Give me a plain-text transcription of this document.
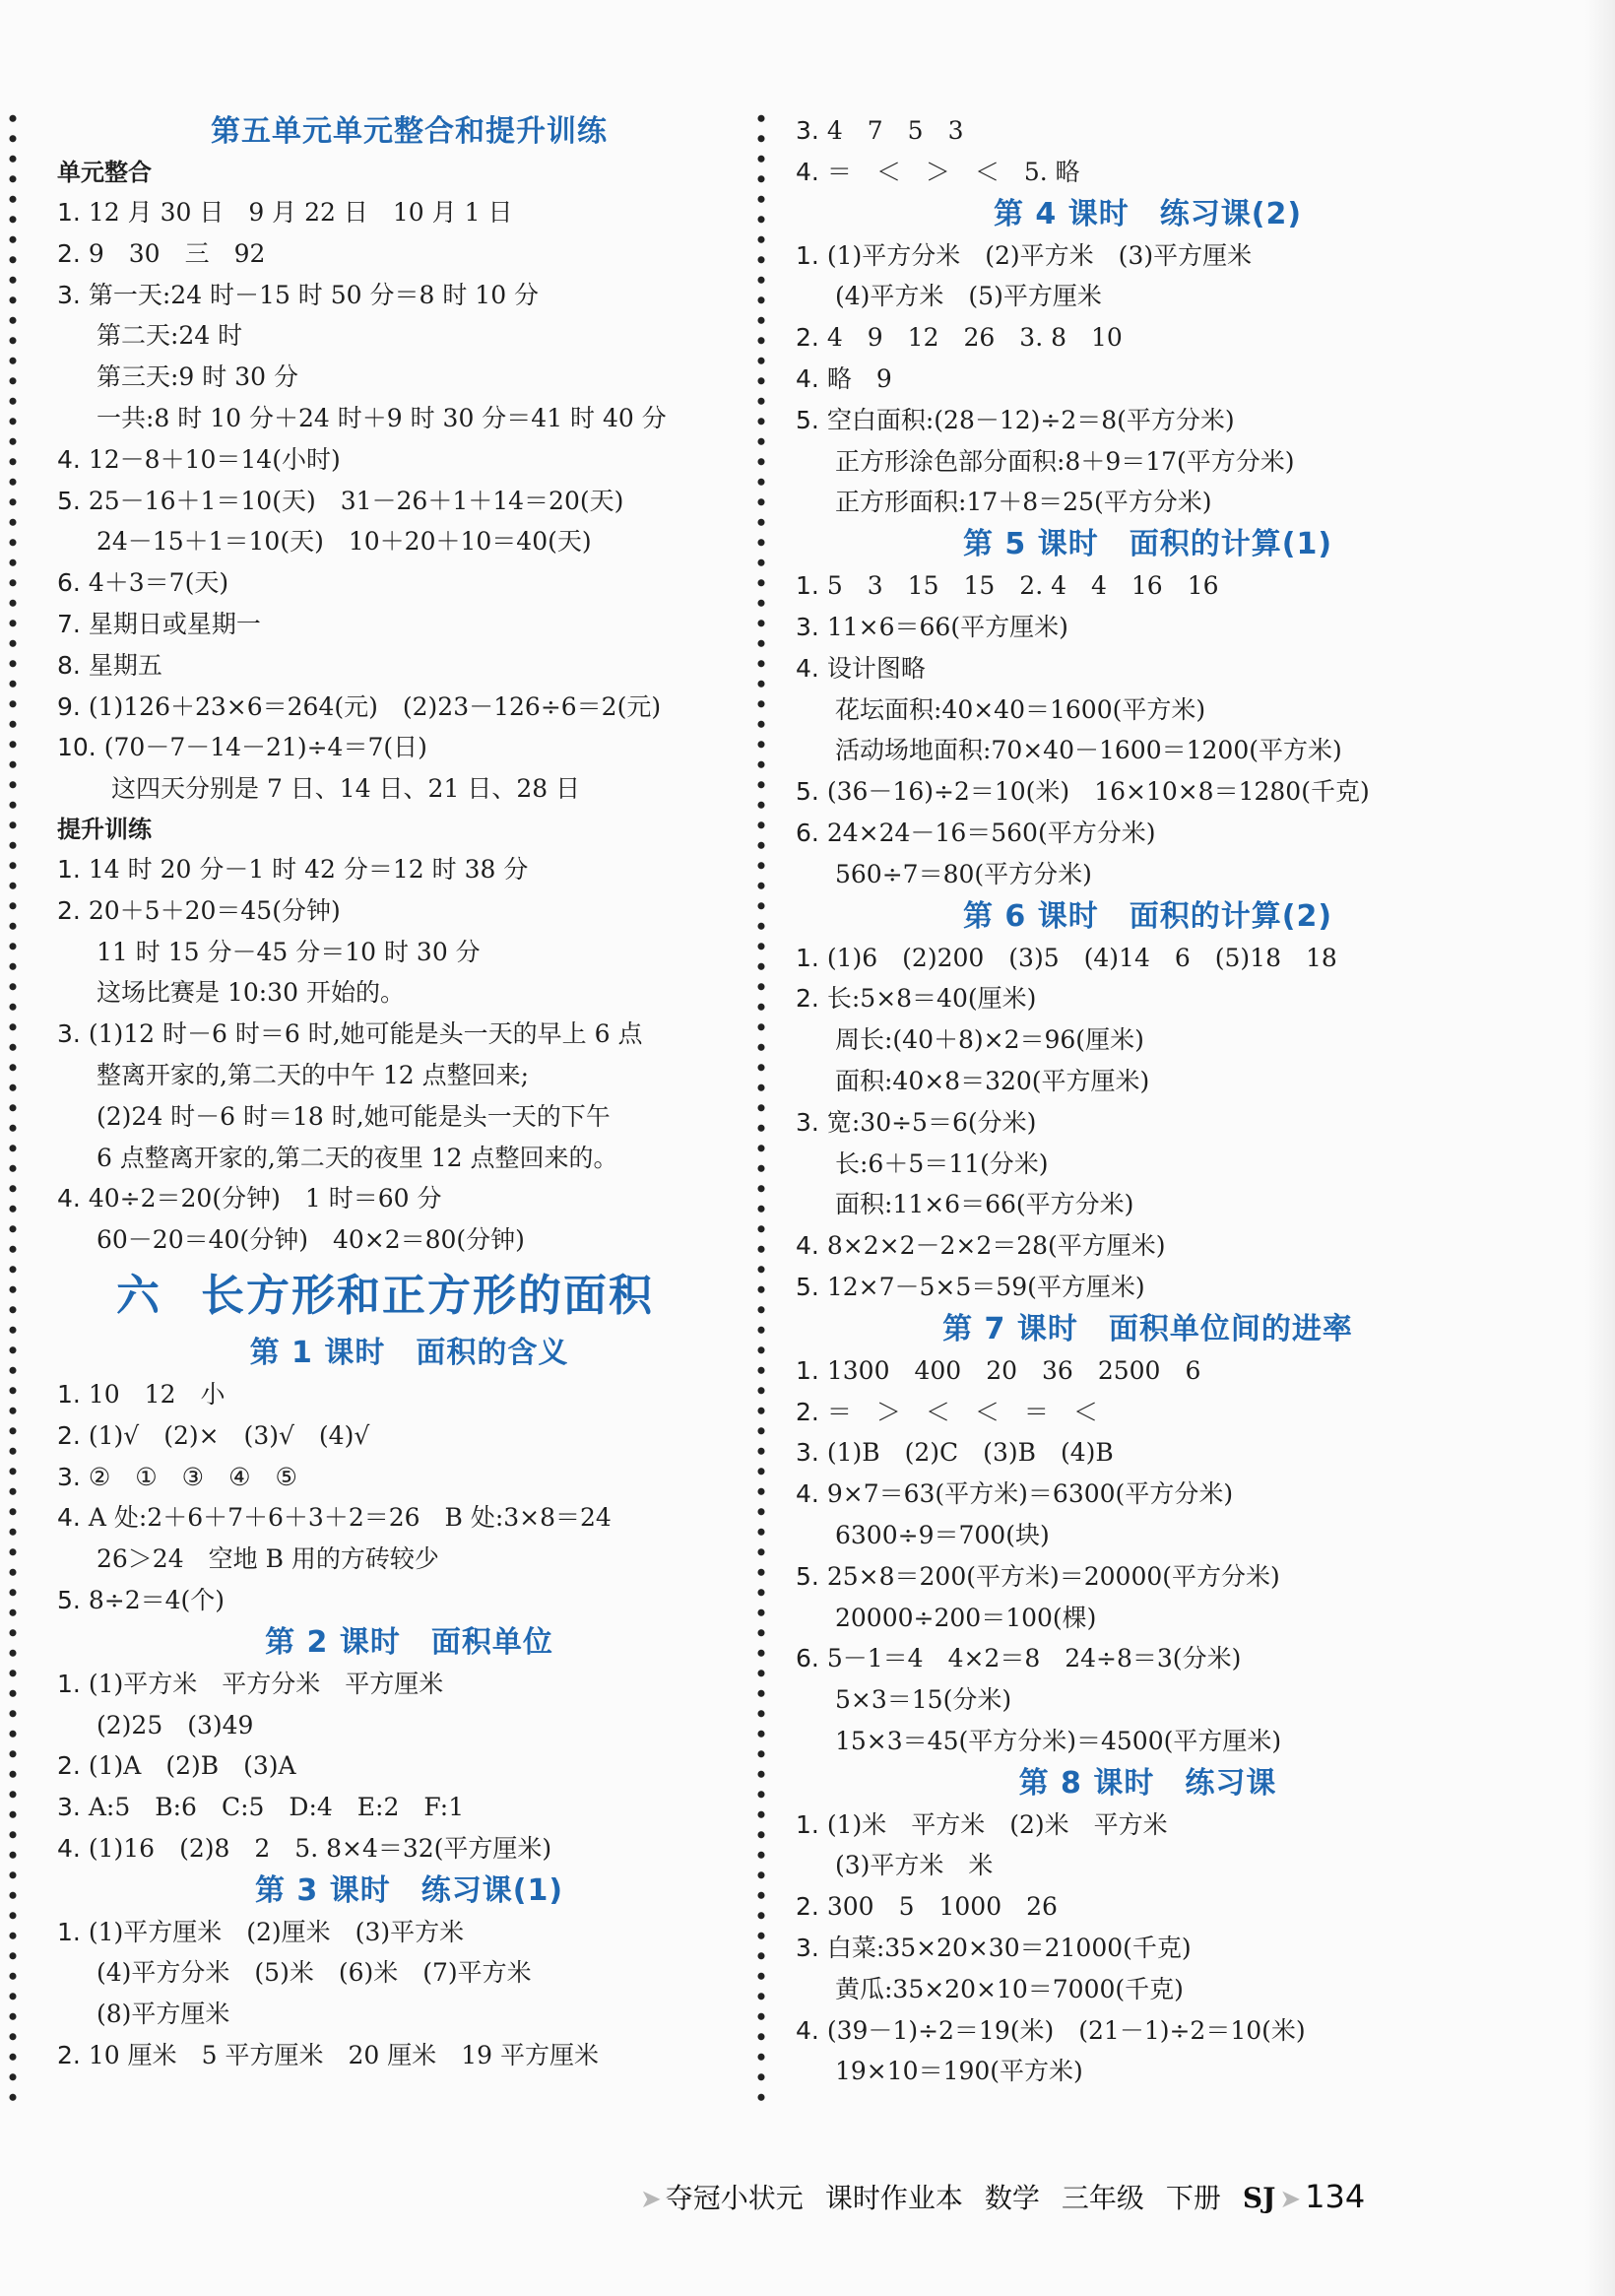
第五单元单元整合和提升训练
单元整合
1. 12 月 30 日　9 月 22 日　10 月 1 日
2. 9　30　三　92
3. 第一天:24 时－15 时 50 分＝8 时 10 分
第二天:24 时
第三天:9 时 30 分
一共:8 时 10 分＋24 时＋9 时 30 分＝41 时 40 分
4. 12－8＋10＝14(小时)
5. 25－16＋1＝10(天)　31－26＋1＋14＝20(天)
24－15＋1＝10(天)　10＋20＋10＝40(天)
6. 4＋3＝7(天)
7. 星期日或星期一
8. 星期五
9. (1)126＋23×6＝264(元)　(2)23－126÷6＝2(元)
10. (70－7－14－21)÷4＝7(日)
这四天分别是 7 日、14 日、21 日、28 日
提升训练
1. 14 时 20 分－1 时 42 分＝12 时 38 分
2. 20＋5＋20＝45(分钟)
11 时 15 分－45 分＝10 时 30 分
这场比赛是 10:30 开始的。
3. (1)12 时－6 时＝6 时,她可能是头一天的早上 6 点
整离开家的,第二天的中午 12 点整回来;
(2)24 时－6 时＝18 时,她可能是头一天的下午
6 点整离开家的,第二天的夜里 12 点整回来的。
4. 40÷2＝20(分钟)　1 时＝60 分
60－20＝40(分钟)　40×2＝80(分钟)
六 长方形和正方形的面积
第 1 课时　面积的含义
1. 10　12　小
2. (1)√　(2)×　(3)√　(4)√
3. ②　①　③　④　⑤
4. A 处:2＋6＋7＋6＋3＋2＝26　B 处:3×8＝24
26＞24　空地 B 用的方砖较少
5. 8÷2＝4(个)
第 2 课时　面积单位
1. (1)平方米　平方分米　平方厘米
(2)25　(3)49
2. (1)A　(2)B　(3)A
3. A:5　B:6　C:5　D:4　E:2　F:1
4. (1)16　(2)8　2　5. 8×4＝32(平方厘米)
第 3 课时　练习课(1)
1. (1)平方厘米　(2)厘米　(3)平方米
(4)平方分米　(5)米　(6)米　(7)平方米
(8)平方厘米
2. 10 厘米　5 平方厘米　20 厘米　19 平方厘米
3. 4　7　5　3
4. ＝　＜　＞　＜　5. 略
第 4 课时　练习课(2)
1. (1)平方分米　(2)平方米　(3)平方厘米
(4)平方米　(5)平方厘米
2. 4　9　12　26　3. 8　10
4. 略　9
5. 空白面积:(28－12)÷2＝8(平方分米)
正方形涂色部分面积:8＋9＝17(平方分米)
正方形面积:17＋8＝25(平方分米)
第 5 课时　面积的计算(1)
1. 5　3　15　15　2. 4　4　16　16
3. 11×6＝66(平方厘米)
4. 设计图略
花坛面积:40×40＝1600(平方米)
活动场地面积:70×40－1600＝1200(平方米)
5. (36－16)÷2＝10(米)　16×10×8＝1280(千克)
6. 24×24－16＝560(平方分米)
560÷7＝80(平方分米)
第 6 课时　面积的计算(2)
1. (1)6　(2)200　(3)5　(4)14　6　(5)18　18
2. 长:5×8＝40(厘米)
周长:(40＋8)×2＝96(厘米)
面积:40×8＝320(平方厘米)
3. 宽:30÷5＝6(分米)
长:6＋5＝11(分米)
面积:11×6＝66(平方分米)
4. 8×2×2－2×2＝28(平方厘米)
5. 12×7－5×5＝59(平方厘米)
第 7 课时　面积单位间的进率
1. 1300　400　20　36　2500　6
2. ＝　＞　＜　＜　＝　＜
3. (1)B　(2)C　(3)B　(4)B
4. 9×7＝63(平方米)＝6300(平方分米)
6300÷9＝700(块)
5. 25×8＝200(平方米)＝20000(平方分米)
20000÷200＝100(棵)
6. 5－1＝4　4×2＝8　24÷8＝3(分米)
5×3＝15(分米)
15×3＝45(平方分米)＝4500(平方厘米)
第 8 课时　练习课
1. (1)米　平方米　(2)米　平方米
(3)平方米　米
2. 300　5　1000　26
3. 白菜:35×20×30＝21000(千克)
黄瓜:35×20×10＝7000(千克)
4. (39－1)÷2＝19(米)　(21－1)÷2＝10(米)
19×10＝190(平方米)
➤ 夺冠小状元 课时作业本 数学 三年级 下册 SJ ➤ 134
